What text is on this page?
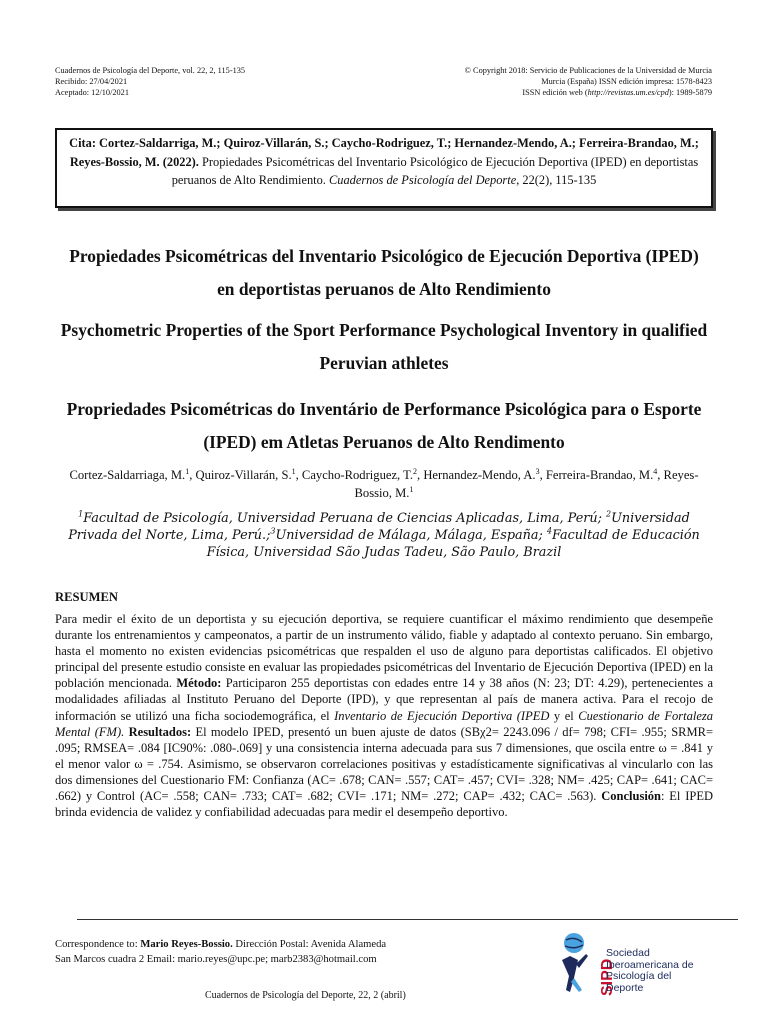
Cuadernos de Psicología del Deporte, vol. 22, 2, 115-135
Recibido: 27/04/2021
Aceptado: 12/10/2021
© Copyright 2018: Servicio de Publicaciones de la Universidad de Murcia
Murcia (España) ISSN edición impresa: 1578-8423
ISSN edición web (http://revistas.um.es/cpd): 1989-5879
Cita: Cortez-Saldarriga, M.; Quiroz-Villarán, S.; Caycho-Rodriguez, T.; Hernandez-Mendo, A.; Ferreira-Brandao, M.; Reyes-Bossio, M. (2022). Propiedades Psicométricas del Inventario Psicológico de Ejecución Deportiva (IPED) en deportistas peruanos de Alto Rendimiento. Cuadernos de Psicología del Deporte, 22(2), 115-135
Propiedades Psicométricas del Inventario Psicológico de Ejecución Deportiva (IPED) en deportistas peruanos de Alto Rendimiento
Psychometric Properties of the Sport Performance Psychological Inventory in qualified Peruvian athletes
Propriedades Psicométricas do Inventário de Performance Psicológica para o Esporte (IPED) em Atletas Peruanos de Alto Rendimento
Cortez-Saldarriaga, M.$^1$, Quiroz-Villarán, S.$^1$, Caycho-Rodriguez, T.$^2$, Hernandez-Mendo, A.$^3$, Ferreira-Brandao, M.$^4$, Reyes-Bossio, M.$^1$
$^1$Facultad de Psicología, Universidad Peruana de Ciencias Aplicadas, Lima, Perú; $^2$Universidad Privada del Norte, Lima, Perú.;$^3$Universidad de Málaga, Málaga, España; $^4$Facultad de Educación Física, Universidad São Judas Tadeu, São Paulo, Brazil
RESUMEN
Para medir el éxito de un deportista y su ejecución deportiva, se requiere cuantificar el máximo rendimiento que desempeñe durante los entrenamientos y campeonatos, a partir de un instrumento válido, fiable y adaptado al contexto peruano. Sin embargo, hasta el momento no existen evidencias psicométricas que respalden el uso de alguno para deportistas calificados. El objetivo principal del presente estudio consiste en evaluar las propiedades psicométricas del Inventario de Ejecución Deportiva (IPED) en la población mencionada. Método: Participaron 255 deportistas con edades entre 14 y 38 años (N: 23; DT: 4.29), pertenecientes a modalidades afiliadas al Instituto Peruano del Deporte (IPD), y que representan al país de manera activa. Para el recojo de información se utilizó una ficha sociodemográfica, el Inventario de Ejecución Deportiva (IPED y el Cuestionario de Fortaleza Mental (FM). Resultados: El modelo IPED, presentó un buen ajuste de datos (SBχ2= 2243.096 / df= 798; CFI= .955; SRMR= .095; RMSEA= .084 [IC90%: .080-.069] y una consistencia interna adecuada para sus 7 dimensiones, que oscila entre ω = .841 y el menor valor ω = .754. Asimismo, se observaron correlaciones positivas y estadísticamente significativas al vincularlo con las dos dimensiones del Cuestionario FM: Confianza (AC= .678; CAN= .557; CAT= .457; CVI= .328; NM= .425; CAP= .641; CAC= .662) y Control (AC= .558; CAN= .733; CAT= .682; CVI= .171; NM= .272; CAP= .432; CAC= .563). Conclusión: El IPED brinda evidencia de validez y confiabilidad adecuadas para medir el desempeño deportivo.
Correspondence to: Mario Reyes-Bossio. Dirección Postal: Avenida Alameda
San Marcos cuadra 2 Email: mario.reyes@upc.pe; marb2383@hotmail.com	SIPD
Sociedad
Iberoamericana de
Psicología del
Deporte
Cuadernos de Psicología del Deporte, 22, 2 (abril)
